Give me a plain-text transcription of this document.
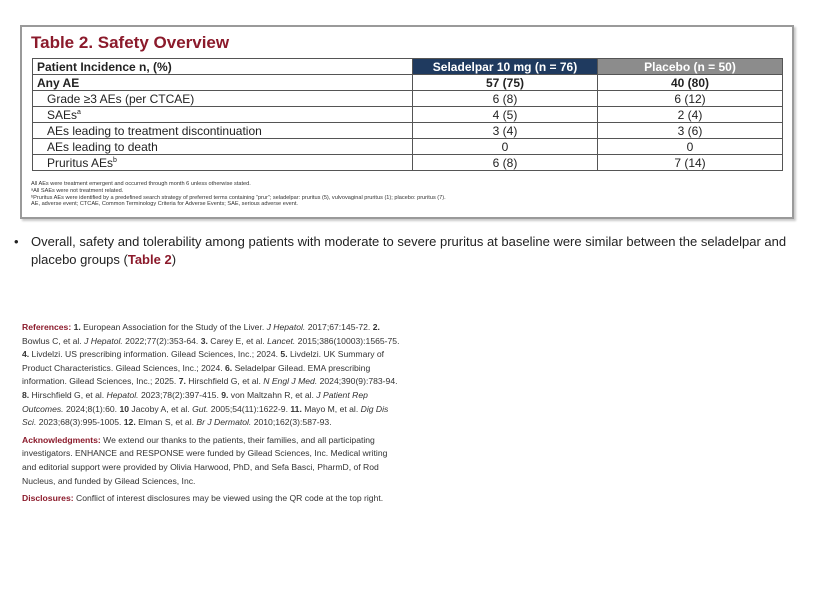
Table 2. Safety Overview
Patient Incidence n, (%)	Seladelpar 10 mg (n = 76)	Placebo (n = 50)
Any AE	57 (75)	40 (80)
Grade ≥3 AEs (per CTCAE)	6 (8)	6 (12)
SAEs$^a$	4 (5)	2 (4)
AEs leading to treatment discontinuation	3 (4)	3 (6)
AEs leading to death	0	0
Pruritus AEs$^b$	6 (8)	7 (14)
All AEs were treatment emergent and occurred through month 6 unless otherwise stated.
ᵃAll SAEs were not treatment related.
ᵇPruritus AEs were identified by a predefined search strategy of preferred terms containing “prur”; seladelpar: pruritus (5), vulvovaginal pruritus (1); placebo: pruritus (7).
AE, adverse event; CTCAE, Common Terminology Criteria for Adverse Events; SAE, serious adverse event.
• Overall, safety and tolerability among patients with moderate to severe pruritus at baseline were similar between the seladelpar and placebo groups (Table 2)

References: 1. European Association for the Study of the Liver. J Hepatol. 2017;67:145-72. 2. Bowlus C, et al. J Hepatol. 2022;77(2):353-64. 3. Carey E, et al. Lancet. 2015;386(10003):1565-75. 4. Livdelzi. US prescribing information. Gilead Sciences, Inc.; 2024. 5. Livdelzi. UK Summary of Product Characteristics. Gilead Sciences, Inc.; 2024. 6. Seladelpar Gilead. EMA prescribing information. Gilead Sciences, Inc.; 2025. 7. Hirschfield G, et al. N Engl J Med. 2024;390(9):783-94. 8. Hirschfield G, et al. Hepatol. 2023;78(2):397-415. 9. von Maltzahn R, et al. J Patient Rep Outcomes. 2024;8(1):60. 10 Jacoby A, et al. Gut. 2005;54(11):1622-9. 11. Mayo M, et al. Dig Dis Sci. 2023;68(3):995-1005. 12. Elman S, et al. Br J Dermatol. 2010;162(3):587-93.

Acknowledgments: We extend our thanks to the patients, their families, and all participating investigators. ENHANCE and RESPONSE were funded by Gilead Sciences, Inc. Medical writing and editorial support were provided by Olivia Harwood, PhD, and Sefa Basci, PharmD, of Rod Nucleus, and funded by Gilead Sciences, Inc.

Disclosures: Conflict of interest disclosures may be viewed using the QR code at the top right.
